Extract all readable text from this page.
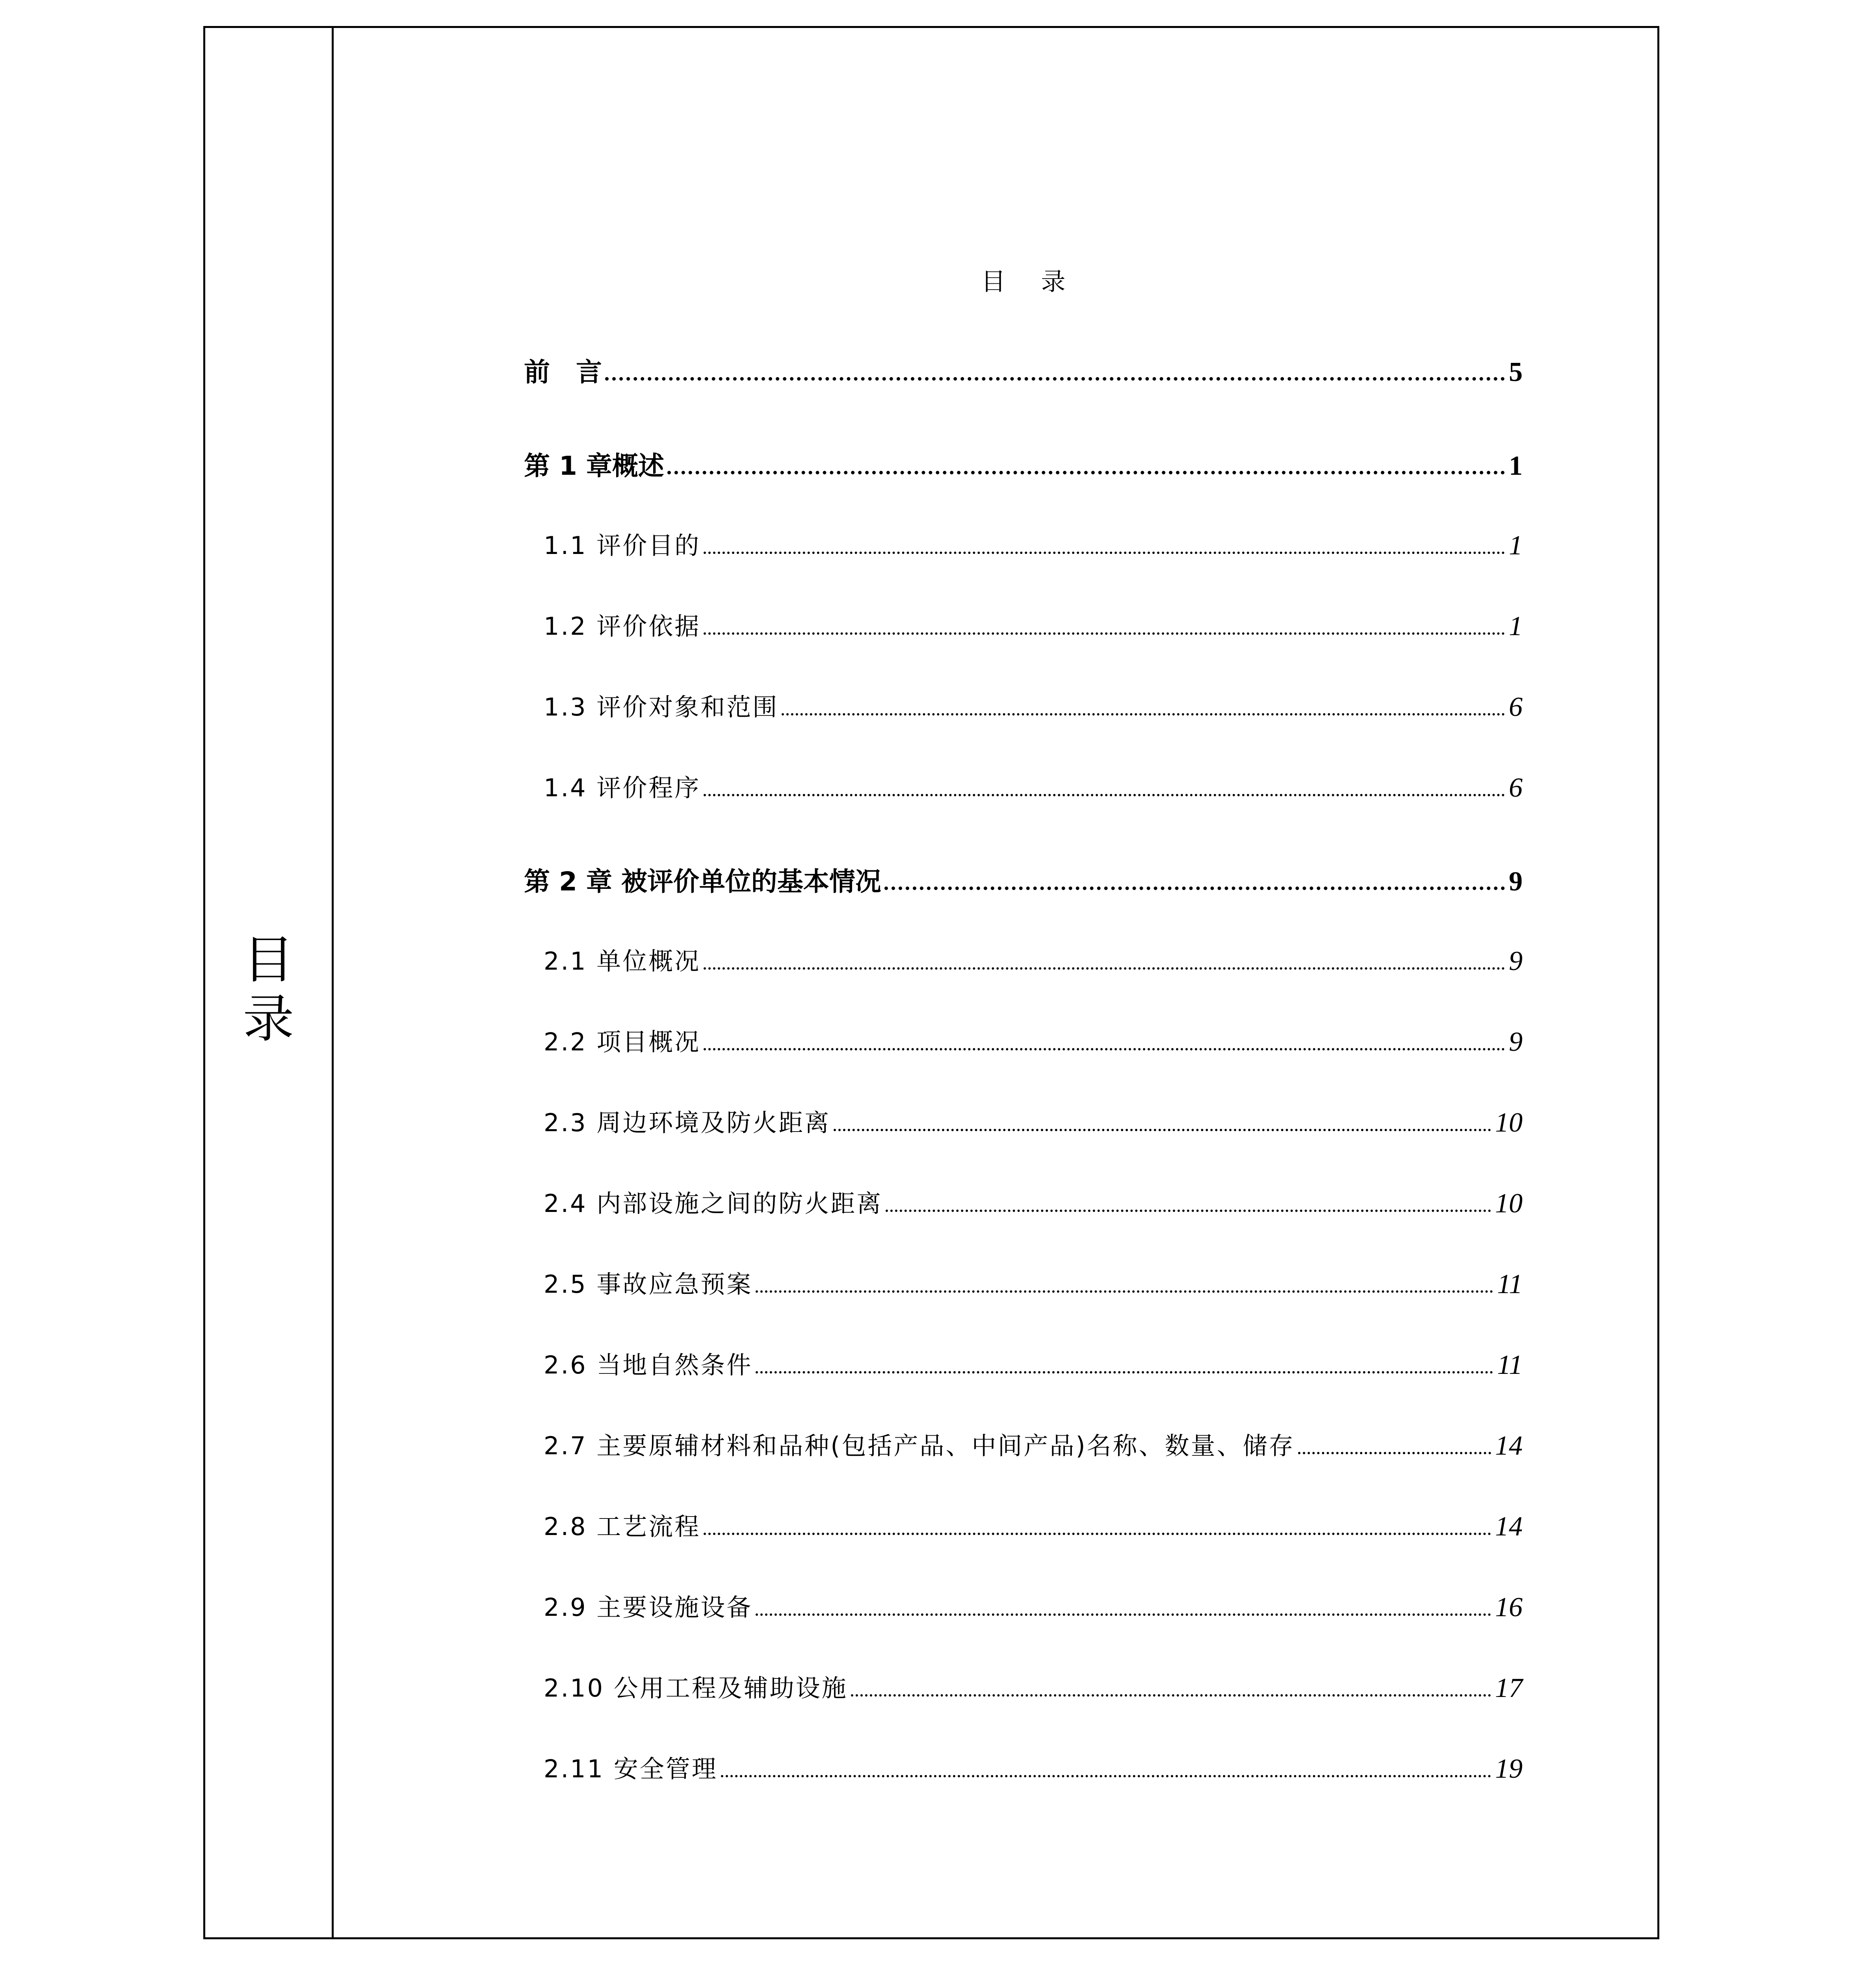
目
录
目 录
前　言	5
第 1 章概述	1
1.1 评价目的	1
1.2 评价依据	1
1.3 评价对象和范围	6
1.4 评价程序	6
第 2 章 被评价单位的基本情况	9
2.1 单位概况	9
2.2 项目概况	9
2.3 周边环境及防火距离	10
2.4 内部设施之间的防火距离	10
2.5 事故应急预案	11
2.6 当地自然条件	11
2.7 主要原辅材料和品种(包括产品、中间产品)名称、数量、储存	14
2.8 工艺流程	14
2.9 主要设施设备	16
2.10 公用工程及辅助设施	17
2.11 安全管理	19
